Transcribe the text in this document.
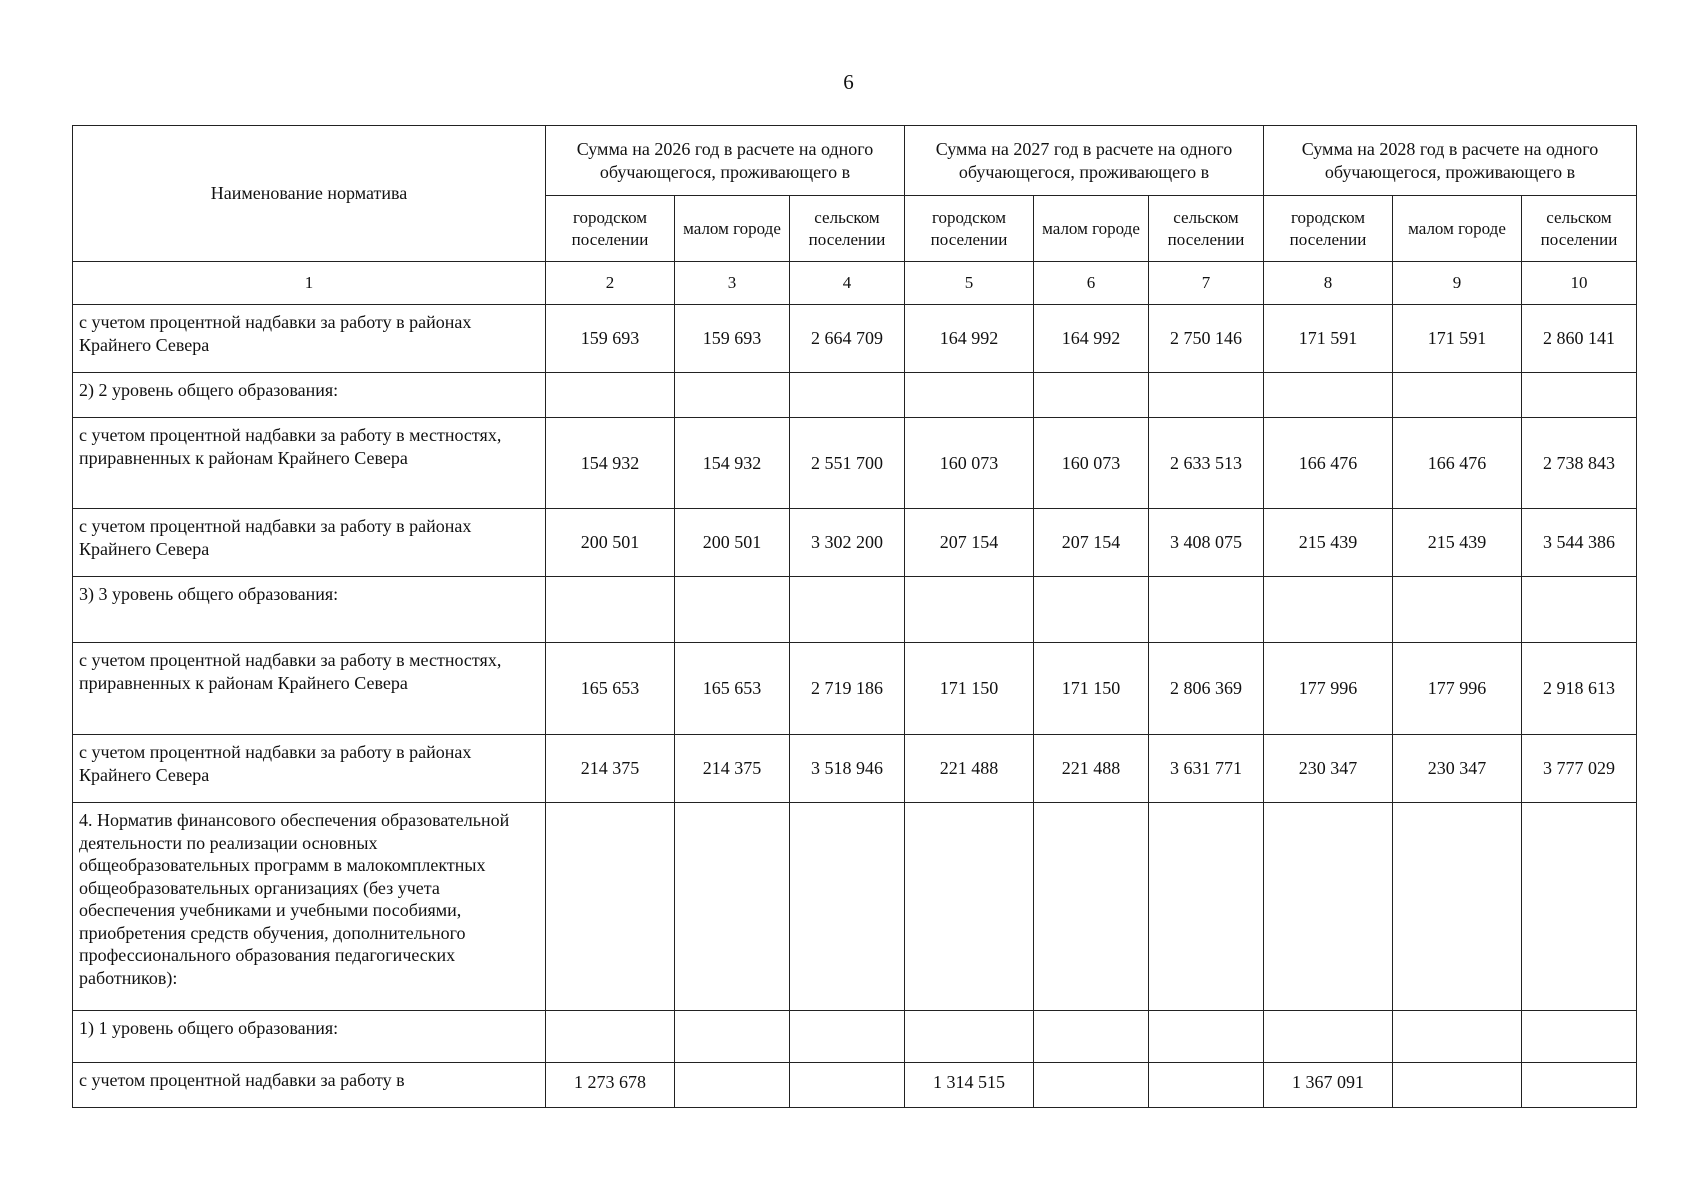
6
Наименование норматива	Сумма на 2026 год в расчете на одного обучающегося, проживающего в			Сумма на 2027 год в расчете на одного обучающегося, проживающего в			Сумма на 2028 год в расчете на одного обучающегося, проживающего в		
	городском поселении	малом городе	сельском поселении	городском поселении	малом городе	сельском поселении	городском поселении	малом городе	сельском поселении
1	2	3	4	5	6	7	8	9	10
с учетом процентной надбавки за работу в районах Крайнего Севера	159 693	159 693	2 664 709	164 992	164 992	2 750 146	171 591	171 591	2 860 141
2) 2 уровень общего образования:									
с учетом процентной надбавки за работу в местностях, приравненных к районам Крайнего Севера	154 932	154 932	2 551 700	160 073	160 073	2 633 513	166 476	166 476	2 738 843
с учетом процентной надбавки за работу в районах Крайнего Севера	200 501	200 501	3 302 200	207 154	207 154	3 408 075	215 439	215 439	3 544 386
3) 3 уровень общего образования:									
с учетом процентной надбавки за работу в местностях, приравненных к районам Крайнего Севера	165 653	165 653	2 719 186	171 150	171 150	2 806 369	177 996	177 996	2 918 613
с учетом процентной надбавки за работу в районах Крайнего Севера	214 375	214 375	3 518 946	221 488	221 488	3 631 771	230 347	230 347	3 777 029
4. Норматив финансового обеспечения образовательной деятельности по реализации основных общеобразовательных программ в малокомплектных общеобразовательных организациях (без учета обеспечения учебниками и учебными пособиями, приобретения средств обучения, дополнительного профессионального образования педагогических работников):									
1) 1 уровень общего образования:									
с учетом процентной надбавки за работу в	1 273 678			1 314 515			1 367 091		
